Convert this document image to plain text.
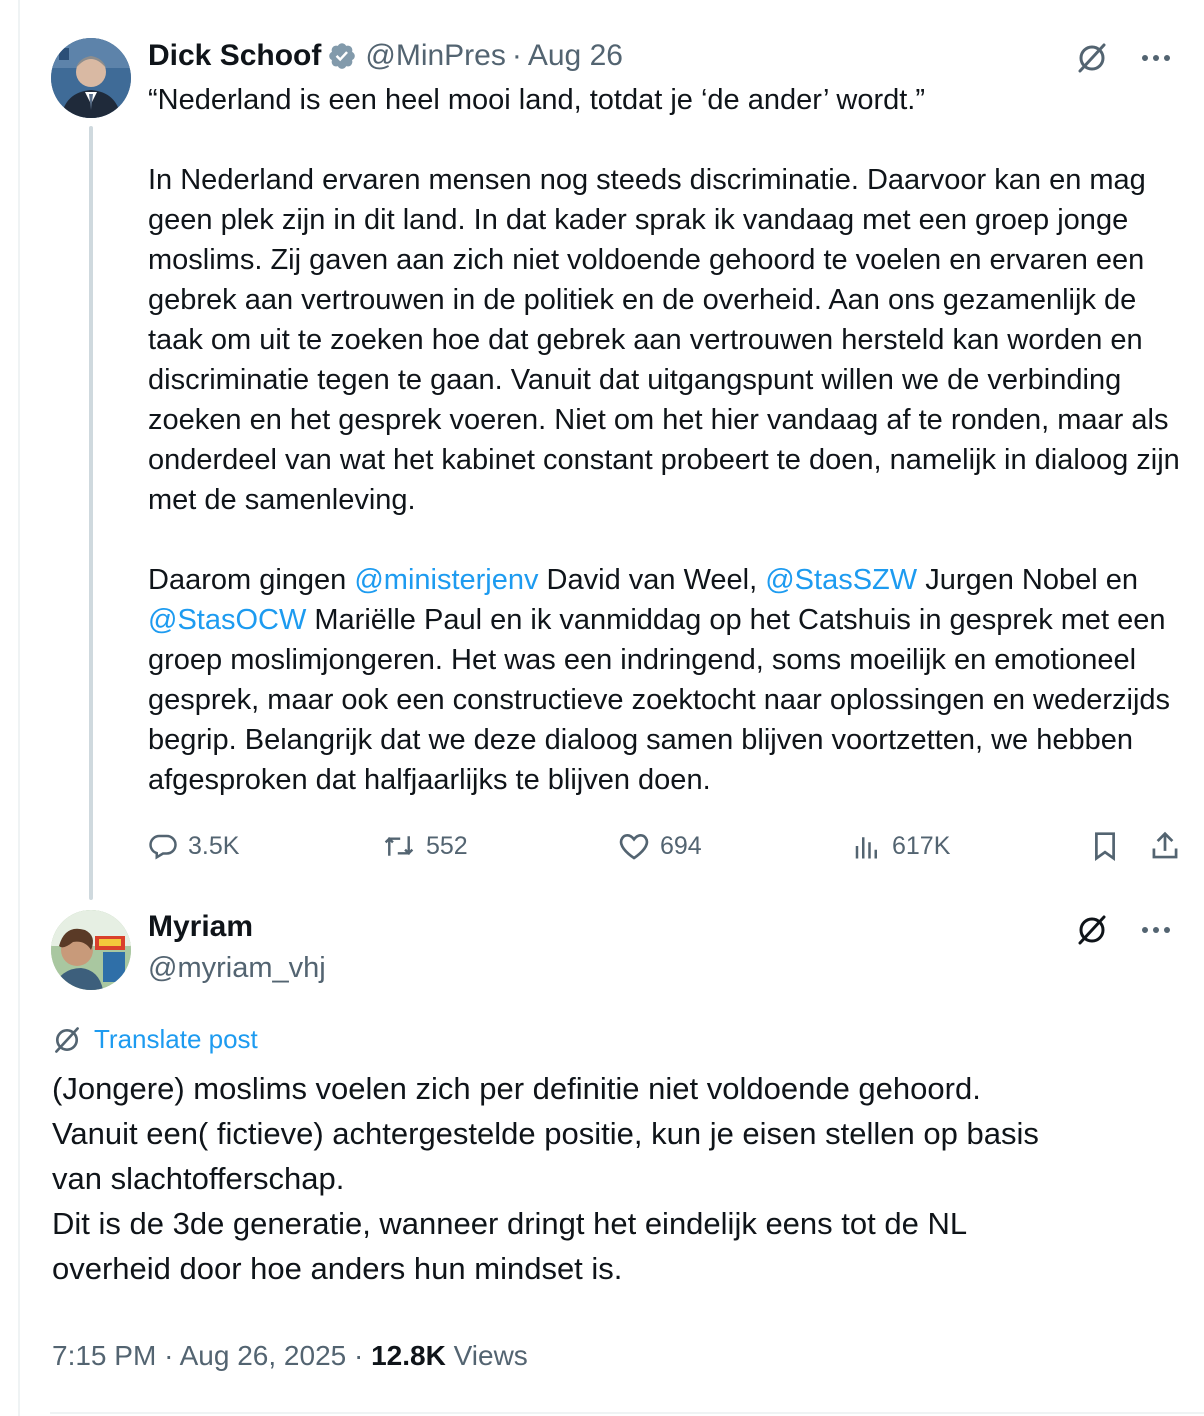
Dick Schoof @MinPres · Aug 26

“Nederland is een heel mooi land, totdat je ‘de ander’ wordt.”

In Nederland ervaren mensen nog steeds discriminatie. Daarvoor kan en mag geen plek zijn in dit land. In dat kader sprak ik vandaag met een groep jonge moslims. Zij gaven aan zich niet voldoende gehoord te voelen en ervaren een gebrek aan vertrouwen in de politiek en de overheid. Aan ons gezamenlijk de taak om uit te zoeken hoe dat gebrek aan vertrouwen hersteld kan worden en discriminatie tegen te gaan. Vanuit dat uitgangspunt willen we de verbinding zoeken en het gesprek voeren. Niet om het hier vandaag af te ronden, maar als onderdeel van wat het kabinet constant probeert te doen, namelijk in dialoog zijn met de samenleving.

Daarom gingen @ministerjenv David van Weel, @StasSZW Jurgen Nobel en @StasOCW Mariëlle Paul en ik vanmiddag op het Catshuis in gesprek met een groep moslimjongeren. Het was een indringend, soms moeilijk en emotioneel gesprek, maar ook een constructieve zoektocht naar oplossingen en wederzijds begrip. Belangrijk dat we deze dialoog samen blijven voortzetten, we hebben afgesproken dat halfjaarlijks te blijven doen.

3.5K	552	694	617K
Myriam
@myriam_vhj
Translate post

(Jongere) moslims voelen zich per definitie niet voldoende gehoord.

Vanuit een( fictieve) achtergestelde positie, kun je eisen stellen op basis

van slachtofferschap.

Dit is de 3de generatie, wanneer dringt het eindelijk eens tot de NL

overheid door hoe anders hun mindset is.

7:15 PM · Aug 26, 2025 · 12.8K Views
